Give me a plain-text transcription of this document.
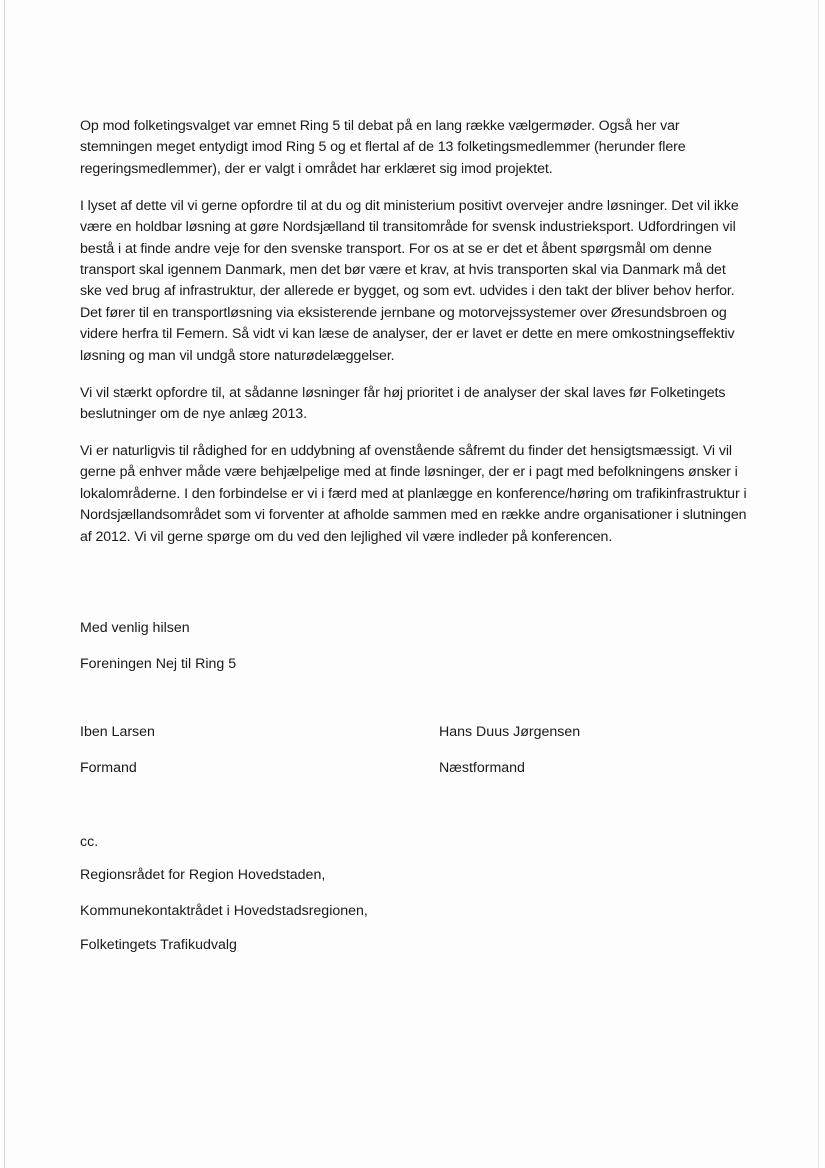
Op mod folketingsvalget var emnet Ring 5 til debat på en lang række vælgermøder. Også her var stemningen meget entydigt imod Ring 5 og et flertal af de 13 folketingsmedlemmer (herunder flere regeringsmedlemmer), der er valgt i området har erklæret sig imod projektet.

I lyset af dette vil vi gerne opfordre til at du og dit ministerium positivt overvejer andre løsninger. Det vil ikke være en holdbar løsning at gøre Nordsjælland til transitområde for svensk industrieksport. Udfordringen vil bestå i at finde andre veje for den svenske transport. For os at se er det et åbent spørgsmål om denne transport skal igennem Danmark, men det bør være et krav, at hvis transporten skal via Danmark må det ske ved brug af infrastruktur, der allerede er bygget, og som evt. udvides i den takt der bliver behov herfor. Det fører til en transportløsning via eksisterende jernbane og motorvejssystemer over Øresundsbroen og videre herfra til Femern. Så vidt vi kan læse de analyser, der er lavet er dette en mere omkostningseffektiv løsning og man vil undgå store naturødelæggelser.

Vi vil stærkt opfordre til, at sådanne løsninger får høj prioritet i de analyser der skal laves før Folketingets beslutninger om de nye anlæg 2013.

Vi er naturligvis til rådighed for en uddybning af ovenstående såfremt du finder det hensigtsmæssigt. Vi vil gerne på enhver måde være behjælpelige med at finde løsninger, der er i pagt med befolkningens ønsker i lokalområderne. I den forbindelse er vi i færd med at planlægge en konference/høring om trafikinfrastruktur i Nordsjællandsområdet som vi forventer at afholde sammen med en række andre organisationer i slutningen af 2012. Vi vil gerne spørge om du ved den lejlighed vil være indleder på konferencen.

Med venlig hilsen
Foreningen Nej til Ring 5
Iben Larsen
Formand
Hans Duus Jørgensen
Næstformand
cc.
Regionsrådet for Region Hovedstaden,
Kommunekontaktrådet i Hovedstadsregionen,
Folketingets Trafikudvalg
